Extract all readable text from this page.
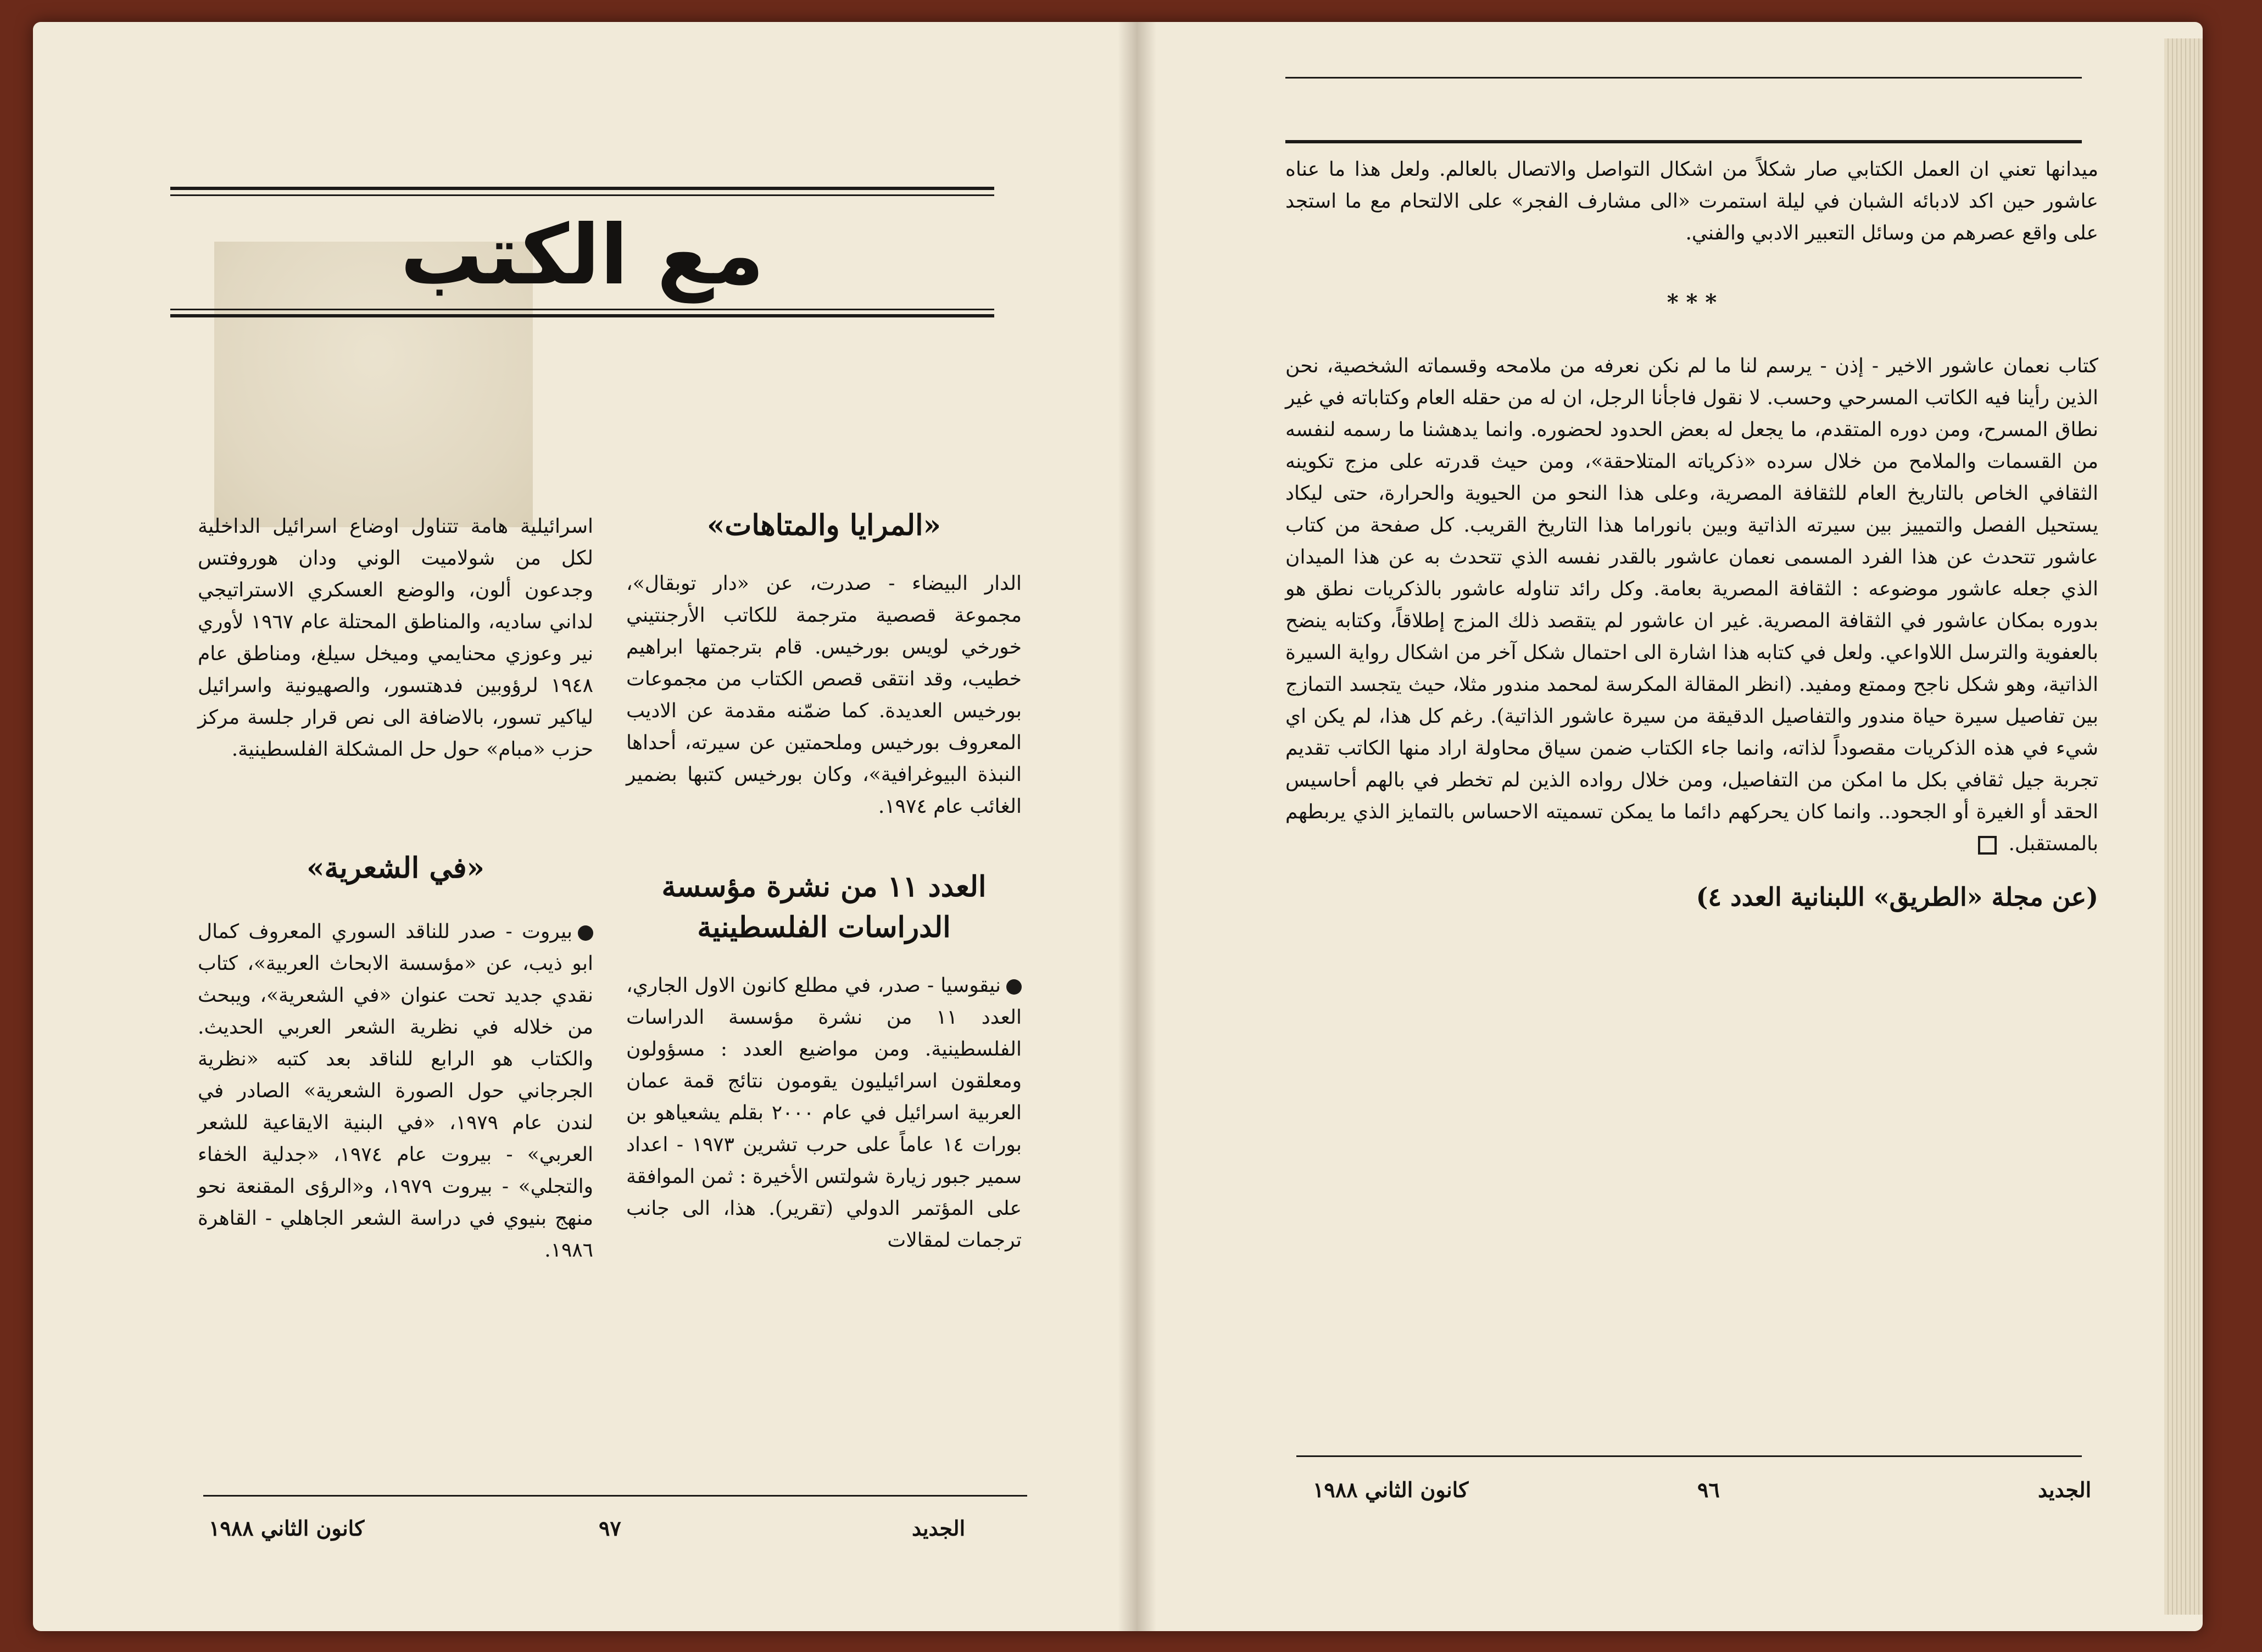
مع الكتب

«المرايا والمتاهات»

الدار البيضاء - صدرت، عن «دار توبقال»، مجموعة قصصية مترجمة للكاتب الأرجنتيني خورخي لويس بورخيس. قام بترجمتها ابراهيم خطيب، وقد انتقى قصص الكتاب من مجموعات بورخيس العديدة. كما ضمّنه مقدمة عن الاديب المعروف بورخيس وملحمتين عن سيرته، أحداها النبذة البيوغرافية»، وكان بورخيس كتبها بضمير الغائب عام ١٩٧٤.

العدد ١١ من نشرة مؤسسة الدراسات الفلسطينية

نيقوسيا - صدر، في مطلع كانون الاول الجاري، العدد ١١ من نشرة مؤسسة الدراسات الفلسطينية. ومن مواضيع العدد : مسؤولون ومعلقون اسرائيليون يقومون نتائج قمة عمان العربية اسرائيل في عام ٢٠٠٠ بقلم يشعياهو بن بورات ١٤ عاماً على حرب تشرين ١٩٧٣ - اعداد سمير جبور زيارة شولتس الأخيرة : ثمن الموافقة على المؤتمر الدولي (تقرير). هذا، الى جانب ترجمات لمقالات

اسرائيلية هامة تتناول اوضاع اسرائيل الداخلية لكل من شولاميت الوني ودان هوروفتس وجدعون ألون، والوضع العسكري الاستراتيجي لداني ساديه، والمناطق المحتلة عام ١٩٦٧ لأوري نير وعوزي محنايمي وميخل سيلغ، ومناطق عام ١٩٤٨ لرؤوبين فدهتسور، والصهيونية واسرائيل لياكير تسور، بالاضافة الى نص قرار جلسة مركز حزب «مبام» حول حل المشكلة الفلسطينية.

«في الشعرية»

بيروت - صدر للناقد السوري المعروف كمال ابو ذيب، عن «مؤسسة الابحاث العربية»، كتاب نقدي جديد تحت عنوان «في الشعرية»، ويبحث من خلاله في نظرية الشعر العربي الحديث. والكتاب هو الرابع للناقد بعد كتبه «نظرية الجرجاني حول الصورة الشعرية» الصادر في لندن عام ١٩٧٩، «في البنية الايقاعية للشعر العربي» - بيروت عام ١٩٧٤، «جدلية الخفاء والتجلي» - بيروت ١٩٧٩، و«الرؤى المقنعة نحو منهج بنيوي في دراسة الشعر الجاهلي - القاهرة ١٩٨٦.

الجديد
٩٧
كانون الثاني ١٩٨٨

ميدانها تعني ان العمل الكتابي صار شكلاً من اشكال التواصل والاتصال بالعالم. ولعل هذا ما عناه عاشور حين اكد لادبائه الشبان في ليلة استمرت «الى مشارف الفجر» على الالتحام مع ما استجد على واقع عصرهم من وسائل التعبير الادبي والفني.

* * *

كتاب نعمان عاشور الاخير - إذن - يرسم لنا ما لم نكن نعرفه من ملامحه وقسماته الشخصية، نحن الذين رأينا فيه الكاتب المسرحي وحسب. لا نقول فاجأنا الرجل، ان له من حقله العام وكتاباته في غير نطاق المسرح، ومن دوره المتقدم، ما يجعل له بعض الحدود لحضوره. وانما يدهشنا ما رسمه لنفسه من القسمات والملامح من خلال سرده «ذكرياته المتلاحقة»، ومن حيث قدرته على مزج تكوينه الثقافي الخاص بالتاريخ العام للثقافة المصرية، وعلى هذا النحو من الحيوية والحرارة، حتى ليكاد يستحيل الفصل والتمييز بين سيرته الذاتية وبين بانوراما هذا التاريخ القريب. كل صفحة من كتاب عاشور تتحدث عن هذا الفرد المسمى نعمان عاشور بالقدر نفسه الذي تتحدث به عن هذا الميدان الذي جعله عاشور موضوعه : الثقافة المصرية بعامة. وكل رائد تناوله عاشور بالذكريات نطق هو بدوره بمكان عاشور في الثقافة المصرية. غير ان عاشور لم يتقصد ذلك المزج إطلاقاً، وكتابه ينضح بالعفوية والترسل اللاواعي. ولعل في كتابه هذا اشارة الى احتمال شكل آخر من اشكال رواية السيرة الذاتية، وهو شكل ناجح وممتع ومفيد. (انظر المقالة المكرسة لمحمد مندور مثلا، حيث يتجسد التمازج بين تفاصيل سيرة حياة مندور والتفاصيل الدقيقة من سيرة عاشور الذاتية). رغم كل هذا، لم يكن اي شيء في هذه الذكريات مقصوداً لذاته، وانما جاء الكتاب ضمن سياق محاولة اراد منها الكاتب تقديم تجربة جيل ثقافي بكل ما امكن من التفاصيل، ومن خلال رواده الذين لم تخطر في بالهم أحاسيس الحقد أو الغيرة أو الجحود.. وانما كان يحركهم دائما ما يمكن تسميته الاحساس بالتمايز الذي يربطهم بالمستقبل.

(عن مجلة «الطريق» اللبنانية العدد ٤)

الجديد
٩٦
كانون الثاني ١٩٨٨
